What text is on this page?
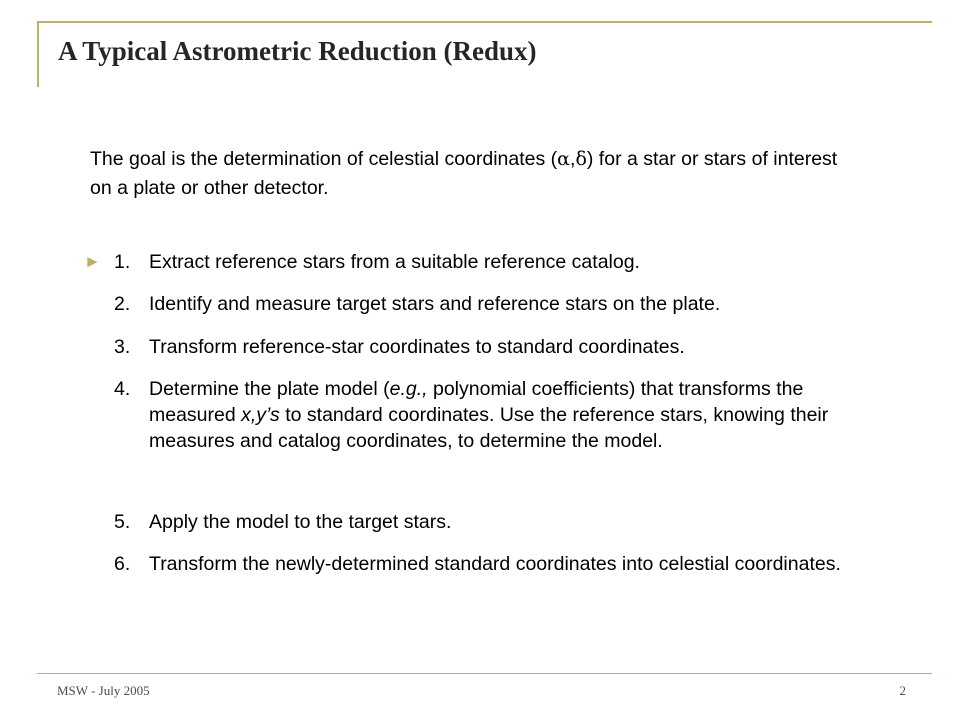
A Typical Astrometric Reduction (Redux)
The goal is the determination of celestial coordinates (α,δ) for a star or stars of interest on a plate or other detector.
► 1. Extract reference stars from a suitable reference catalog.
2. Identify and measure target stars and reference stars on the plate.
3. Transform reference-star coordinates to standard coordinates.
4. Determine the plate model (e.g., polynomial coefficients) that transforms the measured x,y’s to standard coordinates. Use the reference stars, knowing their measures and catalog coordinates, to determine the model.
5. Apply the model to the target stars.
6. Transform the newly-determined standard coordinates into celestial coordinates.
MSW - July 2005	2
